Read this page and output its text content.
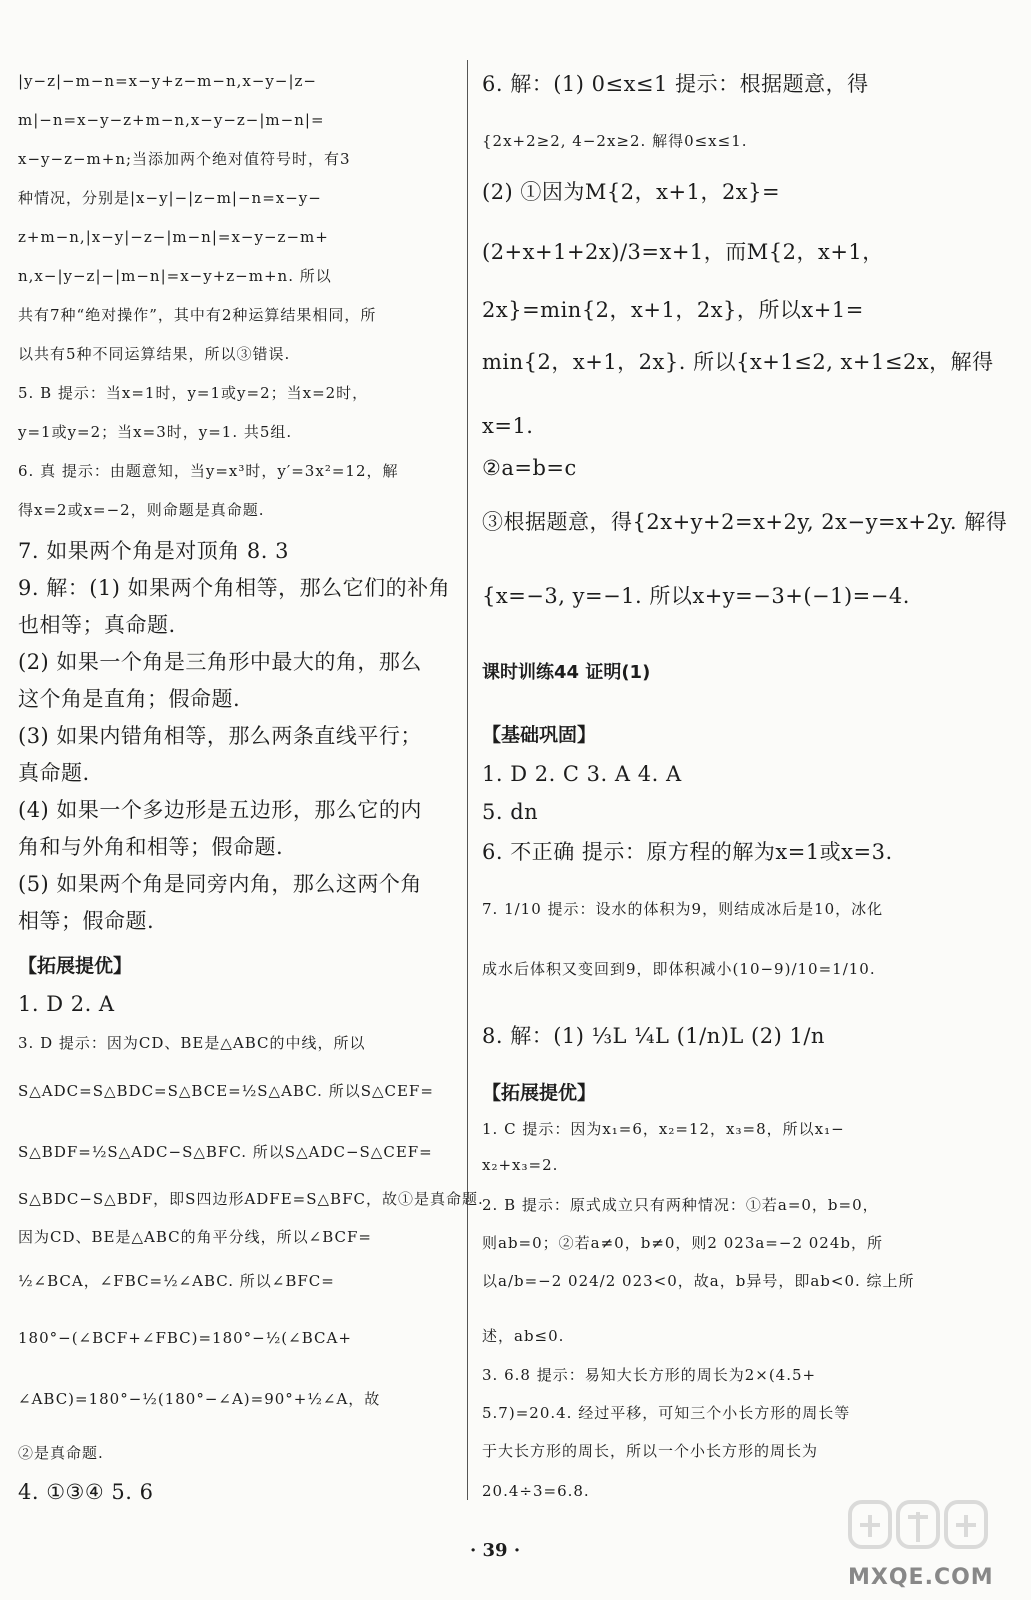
|y−z|−m−n=x−y+z−m−n,x−y−|z−
m|−n=x−y−z+m−n,x−y−z−|m−n|=
x−y−z−m+n;当添加两个绝对值符号时，有3
种情况，分别是|x−y|−|z−m|−n=x−y−
z+m−n,|x−y|−z−|m−n|=x−y−z−m+
n,x−|y−z|−|m−n|=x−y+z−m+n. 所以
共有7种“绝对操作”，其中有2种运算结果相同，所
以共有5种不同运算结果，所以③错误.
5. B 提示：当x=1时，y=1或y=2；当x=2时，
y=1或y=2；当x=3时，y=1. 共5组.
6. 真 提示：由题意知，当y=x³时，y′=3x²=12，解
得x=2或x=−2，则命题是真命题.
7. 如果两个角是对顶角 8. 3
9. 解：(1) 如果两个角相等，那么它们的补角
也相等；真命题.
(2) 如果一个角是三角形中最大的角，那么
这个角是直角；假命题.
(3) 如果内错角相等，那么两条直线平行；
真命题.
(4) 如果一个多边形是五边形，那么它的内
角和与外角和相等；假命题.
(5) 如果两个角是同旁内角，那么这两个角
相等；假命题.
【拓展提优】
1. D 2. A
3. D 提示：因为CD、BE是△ABC的中线，所以
S△ADC=S△BDC=S△BCE=½S△ABC. 所以S△CEF=
S△BDF=½S△ADC−S△BFC. 所以S△ADC−S△CEF=
S△BDC−S△BDF，即S四边形ADFE=S△BFC，故①是真命题.
因为CD、BE是△ABC的角平分线，所以∠BCF=
½∠BCA，∠FBC=½∠ABC. 所以∠BFC=
180°−(∠BCF+∠FBC)=180°−½(∠BCA+
∠ABC)=180°−½(180°−∠A)=90°+½∠A，故
②是真命题.
4. ①③④ 5. 6
6. 解：(1) 0≤x≤1 提示：根据题意，得
{2x+2≥2, 4−2x≥2. 解得0≤x≤1.
(2) ①因为M{2，x+1，2x}=
(2+x+1+2x)/3=x+1，而M{2，x+1，
2x}=min{2，x+1，2x}，所以x+1=
min{2，x+1，2x}. 所以{x+1≤2, x+1≤2x，解得
x=1.
②a=b=c
③根据题意，得{2x+y+2=x+2y, 2x−y=x+2y. 解得
{x=−3, y=−1. 所以x+y=−3+(−1)=−4.
课时训练44 证明(1)
【基础巩固】
1. D 2. C 3. A 4. A
5. dn
6. 不正确 提示：原方程的解为x=1或x=3.
7. 1/10 提示：设水的体积为9，则结成冰后是10，冰化
成水后体积又变回到9，即体积减小(10−9)/10=1/10.
8. 解：(1) ⅓L ¼L (1/n)L (2) 1/n
【拓展提优】
1. C 提示：因为x₁=6，x₂=12，x₃=8，所以x₁−
x₂+x₃=2.
2. B 提示：原式成立只有两种情况：①若a=0，b=0，
则ab=0；②若a≠0，b≠0，则2 023a=−2 024b，所
以a/b=−2 024/2 023<0，故a，b异号，即ab<0. 综上所
述，ab≤0.
3. 6.8 提示：易知大长方形的周长为2×(4.5+
5.7)=20.4. 经过平移，可知三个小长方形的周长等
于大长方形的周长，所以一个小长方形的周长为
20.4÷3=6.8.
· 39 ·
MXQE.COM
